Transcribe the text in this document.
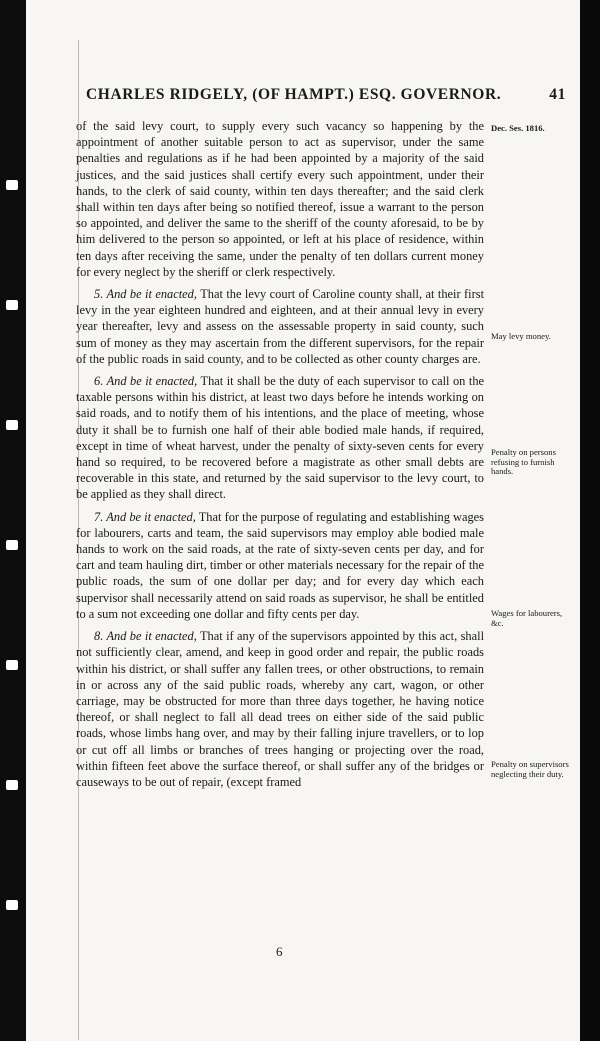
CHARLES RIDGELY, (OF HAMPT.) ESQ. GOVERNOR.	41

of the said levy court, to supply every such vacancy so happening by the appointment of another suitable person to act as supervisor, under the same penalties and regulations as if he had been appointed by a majority of the said justices, and the said justices shall certify every such appointment, under their hands, to the clerk of said county, within ten days thereafter; and the said clerk shall within ten days after being so notified thereof, issue a warrant to the person so appointed, and deliver the same to the sheriff of the county aforesaid, to be by him delivered to the person so appointed, or left at his place of residence, within ten days after receiving the same, under the penalty of ten dollars current money for every neglect by the sheriff or clerk respectively.

5. And be it enacted, That the levy court of Caroline county shall, at their first levy in the year eighteen hundred and eighteen, and at their annual levy in every year thereafter, levy and assess on the assessable property in said county, such sum of money as they may ascertain from the different supervisors, for the repair of the public roads in said county, and to be collected as other county charges are.

6. And be it enacted, That it shall be the duty of each supervisor to call on the taxable persons within his district, at least two days before he intends working on said roads, and to notify them of his intentions, and the place of meeting, whose duty it shall be to furnish one half of their able bodied male hands, if required, except in time of wheat harvest, under the penalty of sixty-seven cents for every hand so required, to be recovered before a magistrate as other small debts are recoverable in this state, and returned by the said supervisor to the levy court, to be applied as they shall direct.

7. And be it enacted, That for the purpose of regulating and establishing wages for labourers, carts and team, the said supervisors may employ able bodied male hands to work on the said roads, at the rate of sixty-seven cents per day, and for cart and team hauling dirt, timber or other materials necessary for the repair of the public roads, the sum of one dollar per day; and for every day which each supervisor shall necessarily attend on said roads as supervisor, he shall be entitled to a sum not exceeding one dollar and fifty cents per day.

8. And be it enacted, That if any of the supervisors appointed by this act, shall not sufficiently clear, amend, and keep in good order and repair, the public roads within his district, or shall suffer any fallen trees, or other obstructions, to remain in or across any of the said public roads, whereby any cart, wagon, or other carriage, may be obstructed for more than three days together, he having notice thereof, or shall neglect to fall all dead trees on either side of the said public roads, whose limbs hang over, and may by their falling injure travellers, or to lop or cut off all limbs or branches of trees hanging or projecting over the road, within fifteen feet above the surface thereof, or shall suffer any of the bridges or causeways to be out of repair, (except framed

Dec. Ses. 1816.
May levy money.
Penalty on persons refusing to furnish hands.
Wages for labourers, &c.
Penalty on supervisors neglecting their duty.
6
